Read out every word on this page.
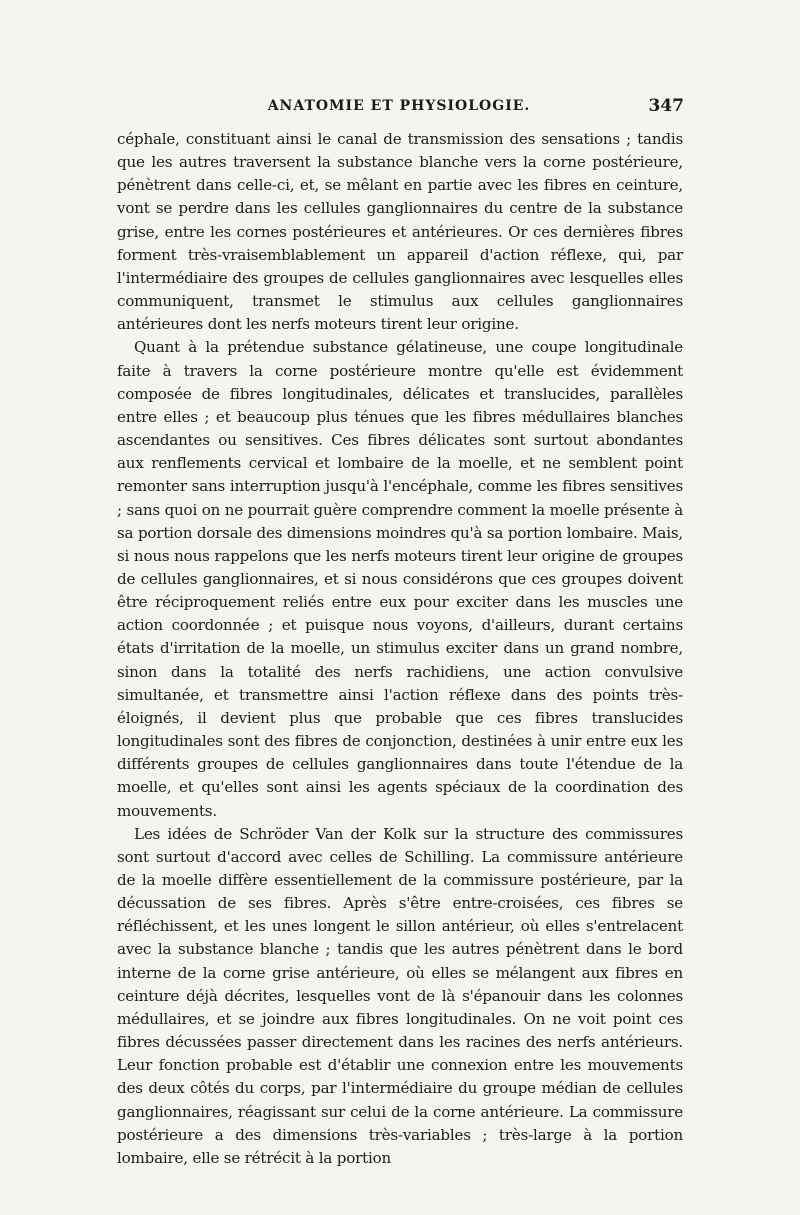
ANATOMIE ET PHYSIOLOGIE.	347

céphale, constituant ainsi le canal de transmission des sensations ; tandis que les autres traversent la substance blanche vers la corne postérieure, pénètrent dans celle-ci, et, se mêlant en partie avec les fibres en ceinture, vont se perdre dans les cellules ganglionnaires du centre de la substance grise, entre les cornes postérieures et antérieures. Or ces dernières fibres forment très-vraisemblablement un appareil d'action réflexe, qui, par l'intermédiaire des groupes de cellules ganglionnaires avec lesquelles elles communiquent, transmet le stimulus aux cellules ganglionnaires antérieures dont les nerfs moteurs tirent leur origine.

Quant à la prétendue substance gélatineuse, une coupe longitudinale faite à travers la corne postérieure montre qu'elle est évidemment composée de fibres longitudinales, délicates et translucides, parallèles entre elles ; et beaucoup plus ténues que les fibres médullaires blanches ascendantes ou sensitives. Ces fibres délicates sont surtout abondantes aux renflements cervical et lombaire de la moelle, et ne semblent point remonter sans interruption jusqu'à l'encéphale, comme les fibres sensitives ; sans quoi on ne pourrait guère comprendre comment la moelle présente à sa portion dorsale des dimensions moindres qu'à sa portion lombaire. Mais, si nous nous rappelons que les nerfs moteurs tirent leur origine de groupes de cellules ganglionnaires, et si nous considérons que ces groupes doivent être réciproquement reliés entre eux pour exciter dans les muscles une action coordonnée ; et puisque nous voyons, d'ailleurs, durant certains états d'irritation de la moelle, un stimulus exciter dans un grand nombre, sinon dans la totalité des nerfs rachidiens, une action convulsive simultanée, et transmettre ainsi l'action réflexe dans des points très-éloignés, il devient plus que probable que ces fibres translucides longitudinales sont des fibres de conjonction, destinées à unir entre eux les différents groupes de cellules ganglionnaires dans toute l'étendue de la moelle, et qu'elles sont ainsi les agents spéciaux de la coordination des mouvements.

Les idées de Schröder Van der Kolk sur la structure des commissures sont surtout d'accord avec celles de Schilling. La commissure antérieure de la moelle diffère essentiellement de la commissure postérieure, par la décussation de ses fibres. Après s'être entre-croisées, ces fibres se réfléchissent, et les unes longent le sillon antérieur, où elles s'entrelacent avec la substance blanche ; tandis que les autres pénètrent dans le bord interne de la corne grise antérieure, où elles se mélangent aux fibres en ceinture déjà décrites, lesquelles vont de là s'épanouir dans les colonnes médullaires, et se joindre aux fibres longitudinales. On ne voit point ces fibres décussées passer directement dans les racines des nerfs antérieurs. Leur fonction probable est d'établir une connexion entre les mouvements des deux côtés du corps, par l'intermédiaire du groupe médian de cellules ganglionnaires, réagissant sur celui de la corne antérieure. La commissure postérieure a des dimensions très-variables ; très-large à la portion lombaire, elle se rétrécit à la portion
